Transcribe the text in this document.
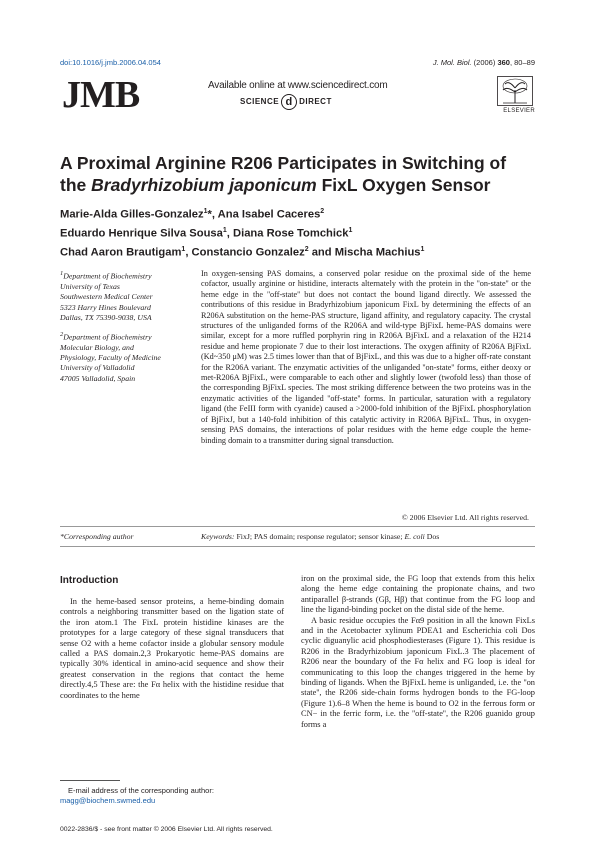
doi:10.1016/j.jmb.2006.04.054	J. Mol. Biol. (2006) 360, 80–89
JMB	Available online at www.sciencedirect.com
SCIENCE d DIRECT
ELSEVIER
A Proximal Arginine R206 Participates in Switching of
the Bradyrhizobium japonicum FixL Oxygen Sensor
Marie-Alda Gilles-Gonzalez$^1$*, Ana Isabel Caceres$^2$
Eduardo Henrique Silva Sousa$^1$, Diana Rose Tomchick$^1$
Chad Aaron Brautigam$^1$, Constancio Gonzalez$^2$ and Mischa Machius$^1$

$^1$Department of Biochemistry
University of Texas
Southwestern Medical Center
5323 Harry Hines Boulevard
Dallas, TX 75390-9038, USA

$^2$Department of Biochemistry
Molecular Biology, and
Physiology, Faculty of Medicine
University of Valladolid
47005 Valladolid, Spain

In oxygen-sensing PAS domains, a conserved polar residue on the proximal side of the heme cofactor, usually arginine or histidine, interacts alternately with the protein in the ''on-state'' or the heme edge in the ''off-state'' but does not contact the bound ligand directly. We assessed the contributions of this residue in Bradyrhizobium japonicum FixL by determining the effects of an R206A substitution on the heme-PAS structure, ligand affinity, and regulatory capacity. The crystal structures of the unliganded forms of the R206A and wild-type BjFixL heme-PAS domains were similar, except for a more ruffled porphyrin ring in R206A BjFixL and a relaxation of the H214 residue and heme propionate 7 due to their lost interactions. The oxygen affinity of R206A BjFixL (Kd~350 μM) was 2.5 times lower than that of BjFixL, and this was due to a higher off-rate constant for the R206A variant. The enzymatic activities of the unliganded ''on-state'' forms, either deoxy or met-R206A BjFixL, were comparable to each other and slightly lower (twofold less) than those of the corresponding BjFixL species. The most striking difference between the two proteins was in the enzymatic activities of the liganded ''off-state'' forms. In particular, saturation with a regulatory ligand (the FeIII form with cyanide) caused a >2000-fold inhibition of the BjFixL phosphorylation of BjFixJ, but a 140-fold inhibition of this catalytic activity in R206A BjFixL. Thus, in oxygen-sensing PAS domains, the interactions of polar residues with the heme edge couple the heme-binding domain to a transmitter during signal transduction.
© 2006 Elsevier Ltd. All rights reserved.
*Corresponding author	Keywords: FixJ; PAS domain; response regulator; sensor kinase; E. coli Dos
Introduction

In the heme-based sensor proteins, a heme-binding domain controls a neighboring transmitter based on the ligation state of the iron atom.1 The FixL protein histidine kinases are the prototypes for a large category of these signal transducers that sense O2 with a heme cofactor inside a globular sensory module called a PAS domain.2,3 Prokaryotic heme-PAS domains are typically 30% identical in amino-acid sequence and show their greatest conservation in the regions that contact the heme directly.4,5 These are: the Fα helix with the histidine residue that coordinates to the heme

iron on the proximal side, the FG loop that extends from this helix along the heme edge containing the propionate chains, and two antiparallel β-strands (Gβ, Hβ) that continue from the FG loop and line the ligand-binding pocket on the distal side of the heme.

A basic residue occupies the Fα9 position in all the known FixLs and in the Acetobacter xylinum PDEA1 and Escherichia coli Dos cyclic diguanylic acid phosphodiesterases (Figure 1). This residue is R206 in the Bradyrhizobium japonicum FixL.3 The placement of R206 near the boundary of the Fα helix and FG loop is ideal for communicating to this loop the changes triggered in the heme by binding of ligands. When the BjFixL heme is unliganded, i.e. the ''on state'', the R206 side-chain forms hydrogen bonds to the FG-loop (Figure 1).6–8 When the heme is bound to O2 in the ferrous form or CN− in the ferric form, i.e. the ''off-state'', the R206 guanido group forms a

E-mail address of the corresponding author:
magg@biochem.swmed.edu
0022-2836/$ - see front matter © 2006 Elsevier Ltd. All rights reserved.
